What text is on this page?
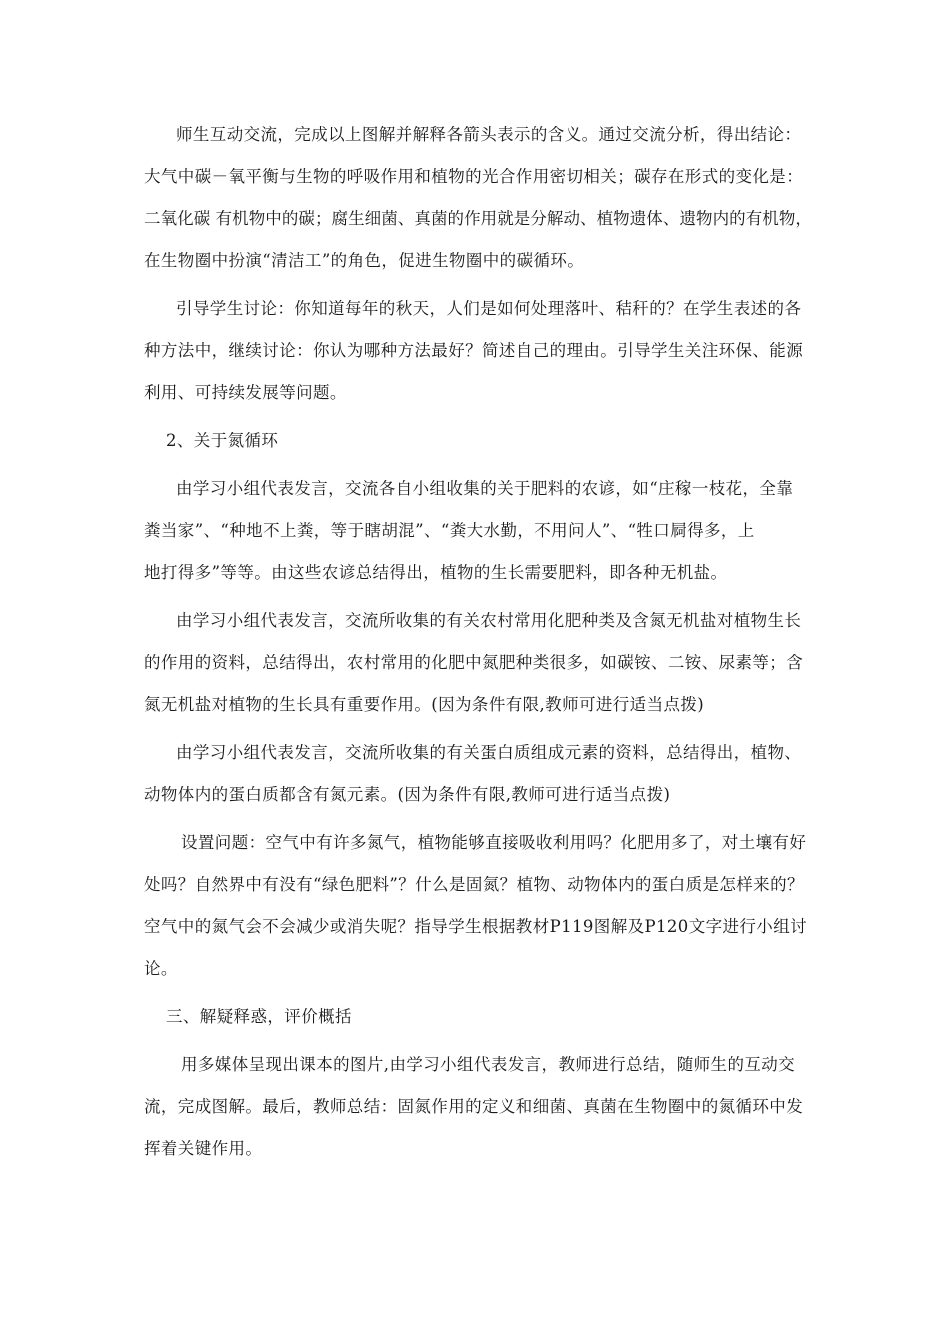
师生互动交流，完成以上图解并解释各箭头表示的含义。通过交流分析，得出结论：
大气中碳－氧平衡与生物的呼吸作用和植物的光合作用密切相关；碳存在形式的变化是：
二氧化碳 有机物中的碳；腐生细菌、真菌的作用就是分解动、植物遗体、遗物内的有机物，
在生物圈中扮演“清洁工”的角色，促进生物圈中的碳循环。
引导学生讨论：你知道每年的秋天，人们是如何处理落叶、秸秆的？在学生表述的各
种方法中，继续讨论：你认为哪种方法最好？简述自己的理由。引导学生关注环保、能源
利用、可持续发展等问题。
2、关于氮循环
由学习小组代表发言，交流各自小组收集的关于肥料的农谚，如“庄稼一枝花，全靠
粪当家”、“种地不上粪，等于瞎胡混”、“粪大水勤，不用问人”、“牲口屙得多，上
地打得多”等等。由这些农谚总结得出，植物的生长需要肥料，即各种无机盐。
由学习小组代表发言，交流所收集的有关农村常用化肥种类及含氮无机盐对植物生长
的作用的资料，总结得出，农村常用的化肥中氮肥种类很多，如碳铵、二铵、尿素等；含
氮无机盐对植物的生长具有重要作用。(因为条件有限,教师可进行适当点拨)
由学习小组代表发言，交流所收集的有关蛋白质组成元素的资料，总结得出，植物、
动物体内的蛋白质都含有氮元素。(因为条件有限,教师可进行适当点拨)
设置问题：空气中有许多氮气，植物能够直接吸收利用吗？化肥用多了，对土壤有好
处吗？自然界中有没有“绿色肥料”？什么是固氮？植物、动物体内的蛋白质是怎样来的？
空气中的氮气会不会减少或消失呢？指导学生根据教材P119图解及P120文字进行小组讨
论。
三、解疑释惑，评价概括
用多媒体呈现出课本的图片,由学习小组代表发言，教师进行总结，随师生的互动交
流，完成图解。最后，教师总结：固氮作用的定义和细菌、真菌在生物圈中的氮循环中发
挥着关键作用。
